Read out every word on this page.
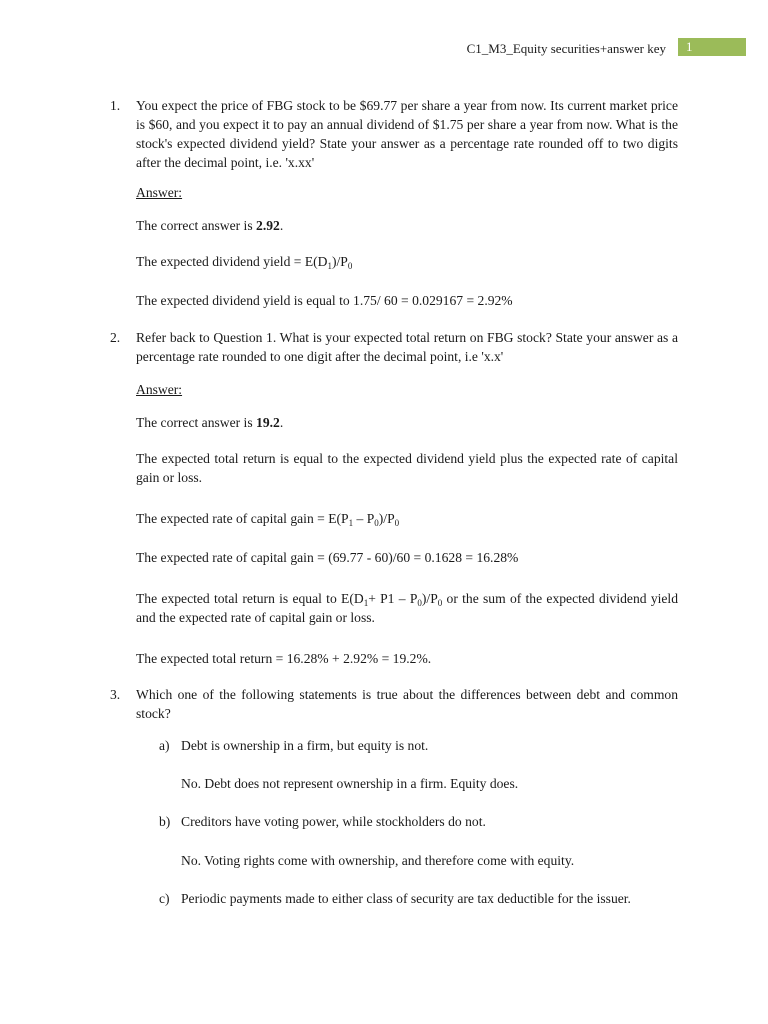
C1_M3_Equity securities+answer key	1
1. You expect the price of FBG stock to be $69.77 per share a year from now. Its current market price is $60, and you expect it to pay an annual dividend of $1.75 per share a year from now. What is the stock's expected dividend yield? State your answer as a percentage rate rounded off to two digits after the decimal point, i.e. 'x.xx'
Answer:
The correct answer is 2.92.
The expected dividend yield = $E(D_1)/P_0$
The expected dividend yield is equal to 1.75/ 60 = 0.029167 = 2.92%
2. Refer back to Question 1. What is your expected total return on FBG stock? State your answer as a percentage rate rounded to one digit after the decimal point, i.e 'x.x'
Answer:
The correct answer is 19.2.
The expected total return is equal to the expected dividend yield plus the expected rate of capital gain or loss.
The expected rate of capital gain = $E(P_1 - P_0)/P_0$
The expected rate of capital gain = (69.77 - 60)/60 = 0.1628 = 16.28%
The expected total return is equal to $E(D_1+ P1 - P_0)/P_0$ or the sum of the expected dividend yield and the expected rate of capital gain or loss.
The expected total return = 16.28% + 2.92% = 19.2%.
3. Which one of the following statements is true about the differences between debt and common stock?
a) Debt is ownership in a firm, but equity is not.
No. Debt does not represent ownership in a firm. Equity does.
b) Creditors have voting power, while stockholders do not.
No. Voting rights come with ownership, and therefore come with equity.
c) Periodic payments made to either class of security are tax deductible for the issuer.
